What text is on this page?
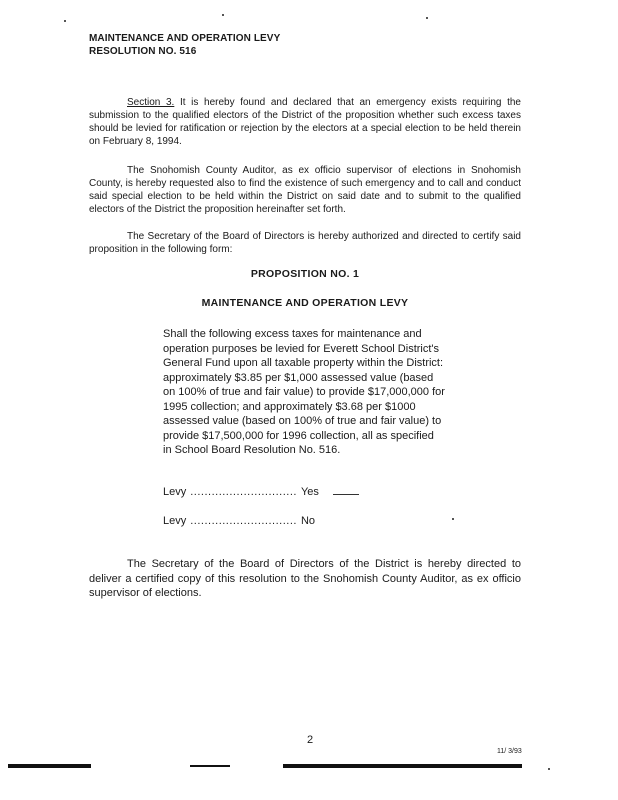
MAINTENANCE AND OPERATION LEVY
RESOLUTION NO. 516

Section 3. It is hereby found and declared that an emergency exists requiring the submission to the qualified electors of the District of the proposition whether such excess taxes should be levied for ratification or rejection by the electors at a special election to be held therein on February 8, 1994.

The Snohomish County Auditor, as ex officio supervisor of elections in Snohomish County, is hereby requested also to find the existence of such emergency and to call and conduct said special election to be held within the District on said date and to submit to the qualified electors of the District the proposition hereinafter set forth.

The Secretary of the Board of Directors is hereby authorized and directed to certify said proposition in the following form:

PROPOSITION NO. 1
MAINTENANCE AND OPERATION LEVY

Shall the following excess taxes for maintenance and operation purposes be levied for Everett School District's General Fund upon all taxable property within the District: approximately $3.85 per $1,000 assessed value (based on 100% of true and fair value) to provide $17,000,000 for 1995 collection; and approximately $3.68 per $1000 assessed value (based on 100% of true and fair value) to provide $17,500,000 for 1996 collection, all as specified in School Board Resolution No. 516.

Levy .............................. Yes
Levy .............................. No

The Secretary of the Board of Directors of the District is hereby directed to deliver a certified copy of this resolution to the Snohomish County Auditor, as ex officio supervisor of elections.

2
11/ 3/93
